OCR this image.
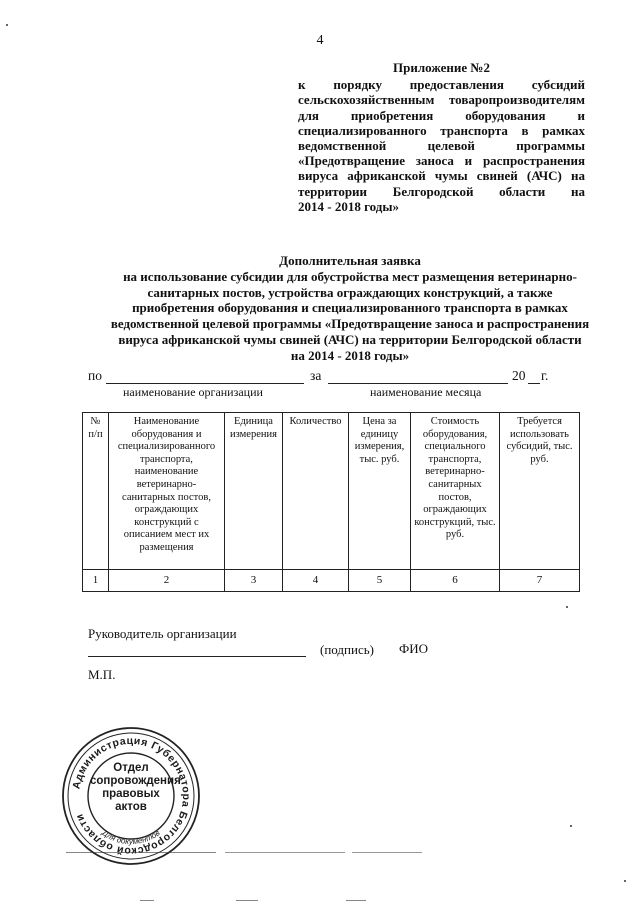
4
Приложение №2
к порядку предоставления субсидий
сельскохозяйственным товаропроизводителям
для приобретения оборудования и
специализированного транспорта в рамках
ведомственной целевой программы
«Предотвращение заноса и распространения
вируса африканской чумы свиней (АЧС) на
территории Белгородской области на
2014 - 2018 годы»
Дополнительная заявка
на использование субсидии для обустройства мест размещения ветеринарно-
санитарных постов, устройства ограждающих конструкций, а также
приобретения оборудования и специализированного транспорта в рамках
ведомственной целевой программы «Предотвращение заноса и распространения
вируса африканской чумы свиней (АЧС) на территории Белгородской области
на 2014 - 2018 годы»
по	за	20 г.
наименование организации	наименование месяца
№ п/п	Наименование оборудования и специализированного транспорта, наименование ветеринарно-санитарных постов, ограждающих конструкций с описанием мест их размещения	Единица измерения	Количество	Цена за единицу измерения, тыс. руб.	Стоимость оборудования, специального транспорта, ветеринарно-санитарных постов, ограждающих конструкций, тыс. руб.	Требуется использовать субсидий, тыс. руб.
1	2	3	4	5	6	7
Руководитель организации
(подпись) ФИО
М.П.
Администрация Губернатора Белгородской области
Для документов
Отдел
сопровождения
правовых
актов
